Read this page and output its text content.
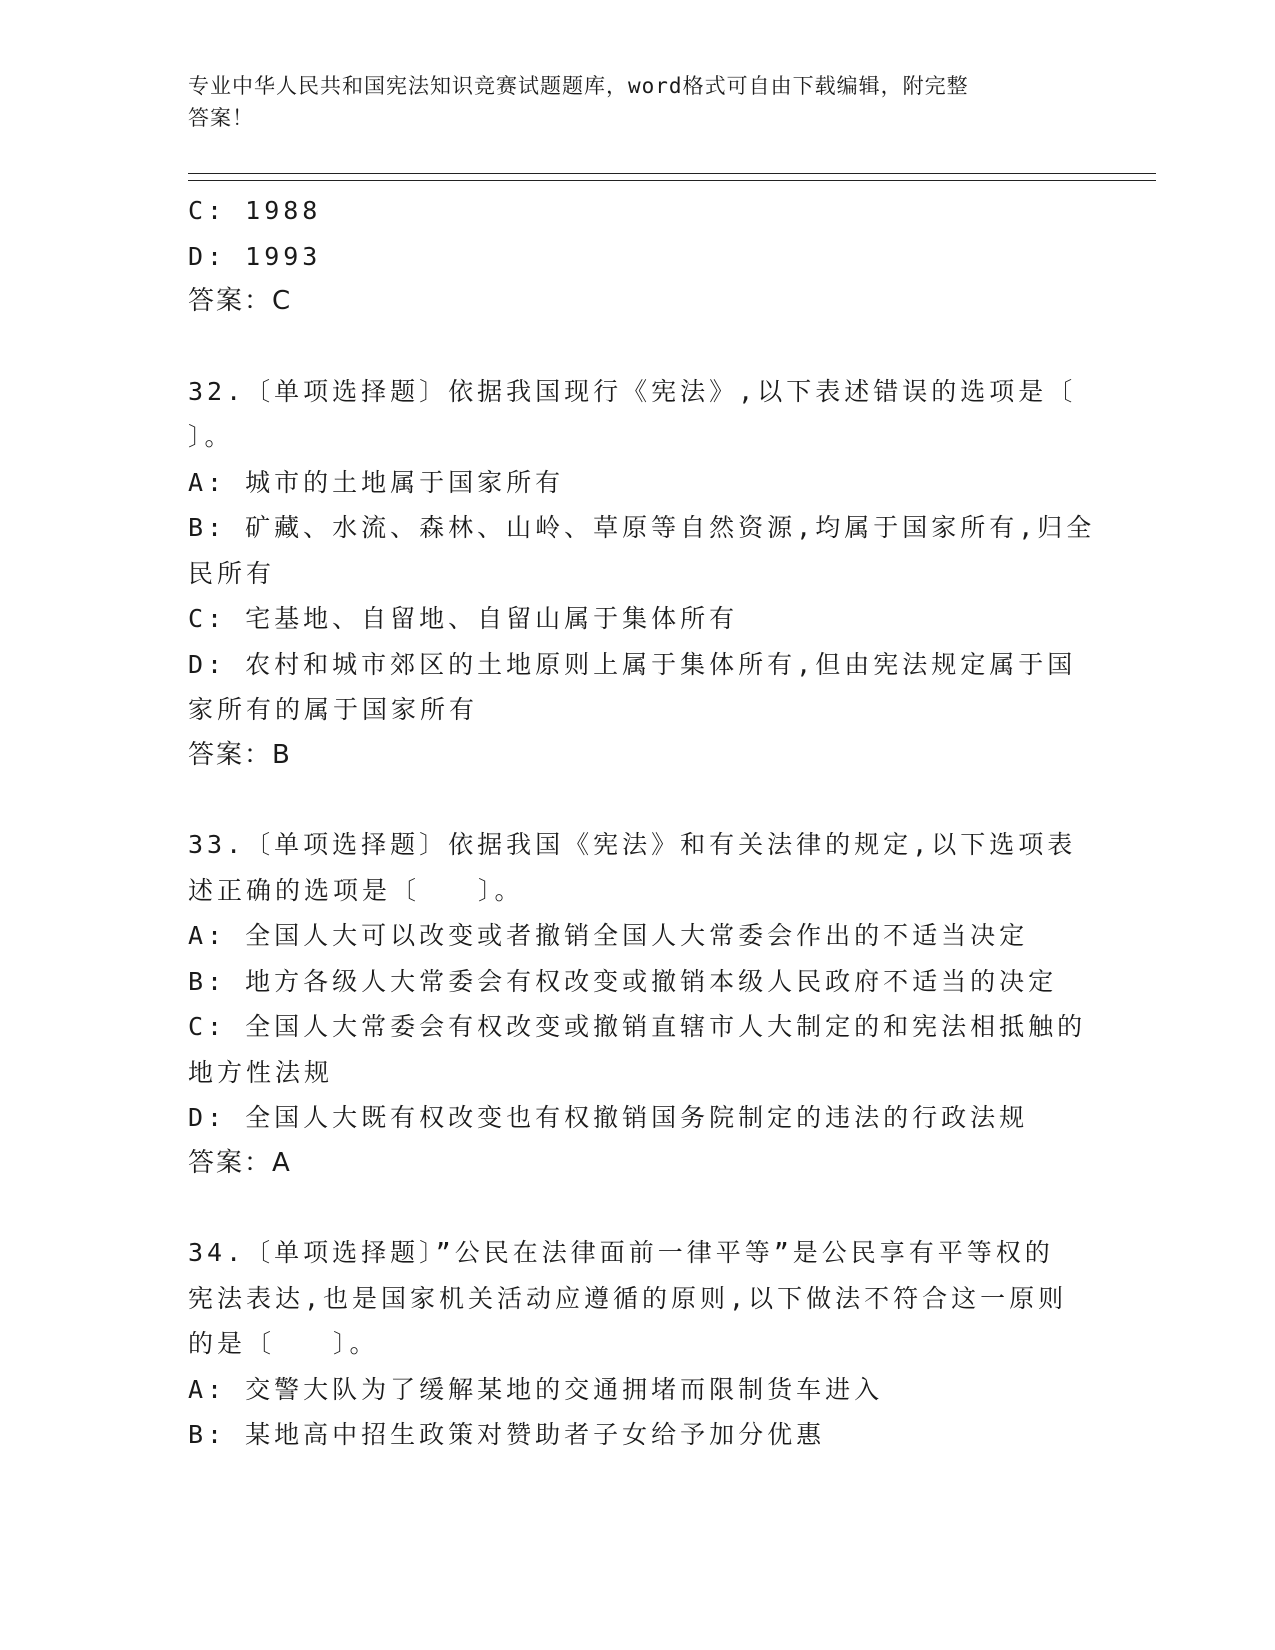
专业中华人民共和国宪法知识竞赛试题题库，word格式可自由下载编辑，附完整
答案！
C: 1988
D: 1993
答案：C
32.〔单项选择题〕依据我国现行《宪法》,以下表述错误的选项是〔
〕。
A: 城市的土地属于国家所有
B: 矿藏、水流、森林、山岭、草原等自然资源,均属于国家所有,归全
民所有
C: 宅基地、自留地、自留山属于集体所有
D: 农村和城市郊区的土地原则上属于集体所有,但由宪法规定属于国
家所有的属于国家所有
答案：B
33.〔单项选择题〕依据我国《宪法》和有关法律的规定,以下选项表
述正确的选项是〔　　〕。
A: 全国人大可以改变或者撤销全国人大常委会作出的不适当决定
B: 地方各级人大常委会有权改变或撤销本级人民政府不适当的决定
C: 全国人大常委会有权改变或撤销直辖市人大制定的和宪法相抵触的
地方性法规
D: 全国人大既有权改变也有权撤销国务院制定的违法的行政法规
答案：A
34.〔单项选择题〕”公民在法律面前一律平等”是公民享有平等权的
宪法表达,也是国家机关活动应遵循的原则,以下做法不符合这一原则
的是〔　　〕。
A: 交警大队为了缓解某地的交通拥堵而限制货车进入
B: 某地高中招生政策对赞助者子女给予加分优惠
